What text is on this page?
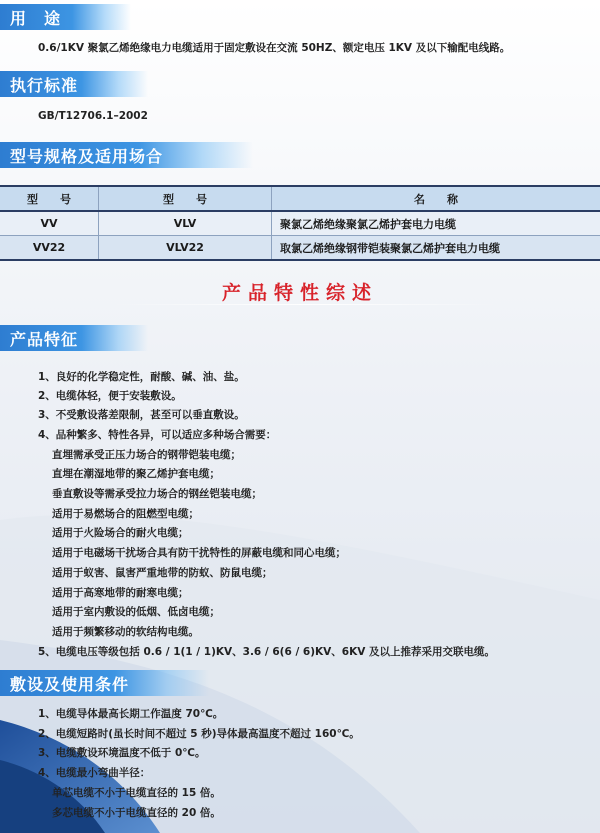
用　途
0.6/1KV 聚氯乙烯绝缘电力电缆适用于固定敷设在交流 50HZ、额定电压 1KV 及以下输配电线路。
执行标准
GB/T12706.1–2002
型号规格及适用场合
型　　号	型　　号	名　　称
VV	VLV	聚氯乙烯绝缘聚氯乙烯护套电力电缆
VV22	VLV22	取氯乙烯绝缘钢带铠装聚氯乙烯护套电力电缆
产品特性综述
产品特征
1、良好的化学稳定性，耐酸、碱、油、盐。
2、电缆体轻，便于安装敷设。
3、不受敷设落差限制，甚至可以垂直敷设。
4、品种繁多、特性各异，可以适应多种场合需要：
直埋需承受正压力场合的钢带铠装电缆；
直埋在潮湿地带的聚乙烯护套电缆；
垂直敷设等需承受拉力场合的钢丝铠装电缆；
适用于易燃场合的阻燃型电缆；
适用于火险场合的耐火电缆；
适用于电磁场干扰场合具有防干扰特性的屏蔽电缆和同心电缆；
适用于蚁害、鼠害严重地带的防蚁、防鼠电缆；
适用于高寒地带的耐寒电缆；
适用于室内敷设的低烟、低卤电缆；
适用于频繁移动的软结构电缆。
5、电缆电压等级包括 0.6 / 1(1 / 1)KV、3.6 / 6(6 / 6)KV、6KV 及以上推荐采用交联电缆。
敷设及使用条件
1、电缆导体最高长期工作温度 70℃。
2、电缆短路时(虽长时间不超过 5 秒)导体最高温度不超过 160℃。
3、电缆敷设环境温度不低于 0℃。
4、电缆最小弯曲半径：
单芯电缆不小于电缆直径的 15 倍。
多芯电缆不小于电缆直径的 20 倍。
